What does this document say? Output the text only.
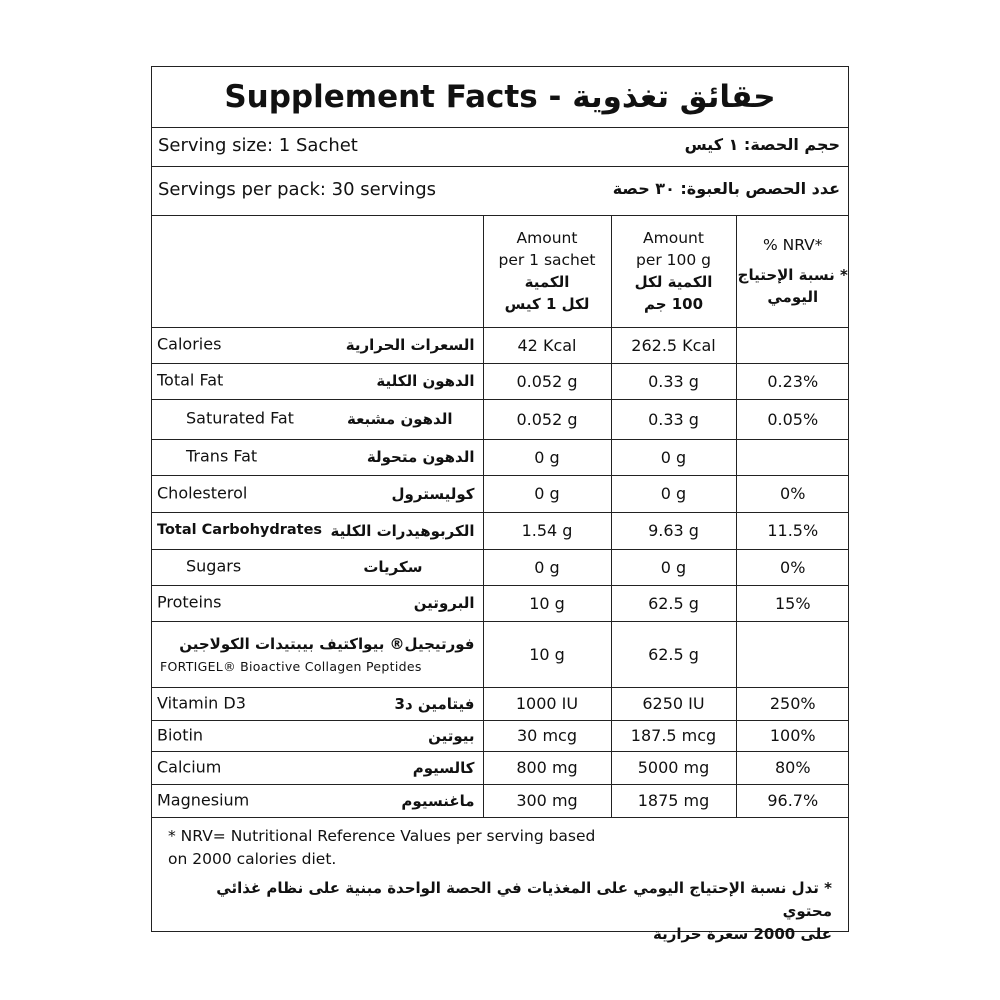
Supplement Facts - حقائق تغذوية
Serving size: 1 Sachet	حجم الحصة: ١ كيس
Servings per pack: 30 servings	عدد الحصص بالعبوة: ٣٠ حصة

	Amount
per 1 sachet
الكمية
لكل 1 كيس	Amount
per 100 g
الكمية لكل
100 جم	% NRV*
* نسبة الإحتياج
اليومي

Calories السعرات الحرارية	42 Kcal	262.5 Kcal	

Total Fat الدهون الكلية	0.052 g	0.33 g	0.23%

Saturated Fat الدهون مشبعة	0.052 g	0.33 g	0.05%

Trans Fat الدهون متحولة	0 g	0 g	

Cholesterol كوليسترول	0 g	0 g	0%

Total Carbohydrates الكربوهيدرات الكلية	1.54 g	9.63 g	11.5%

Sugars سكريات	0 g	0 g	0%

Proteins البروتين	10 g	62.5 g	15%

فورتيجيل® بيواكتيف بيبتيدات الكولاجين
FORTIGEL® Bioactive Collagen Peptides	10 g	62.5 g	

Vitamin D3 فيتامين د3	1000 IU	6250 IU	250%

Biotin بيوتين	30 mcg	187.5 mcg	100%

Calcium كالسيوم	800 mg	5000 mg	80%

Magnesium ماغنسيوم	300 mg	1875 mg	96.7%
* NRV= Nutritional Reference Values per serving based
on 2000 calories diet.
* تدل نسبة الإحتياج اليومي على المغذيات في الحصة الواحدة مبنية على نظام غذائي محتوي
على 2000 سعرة حرارية
